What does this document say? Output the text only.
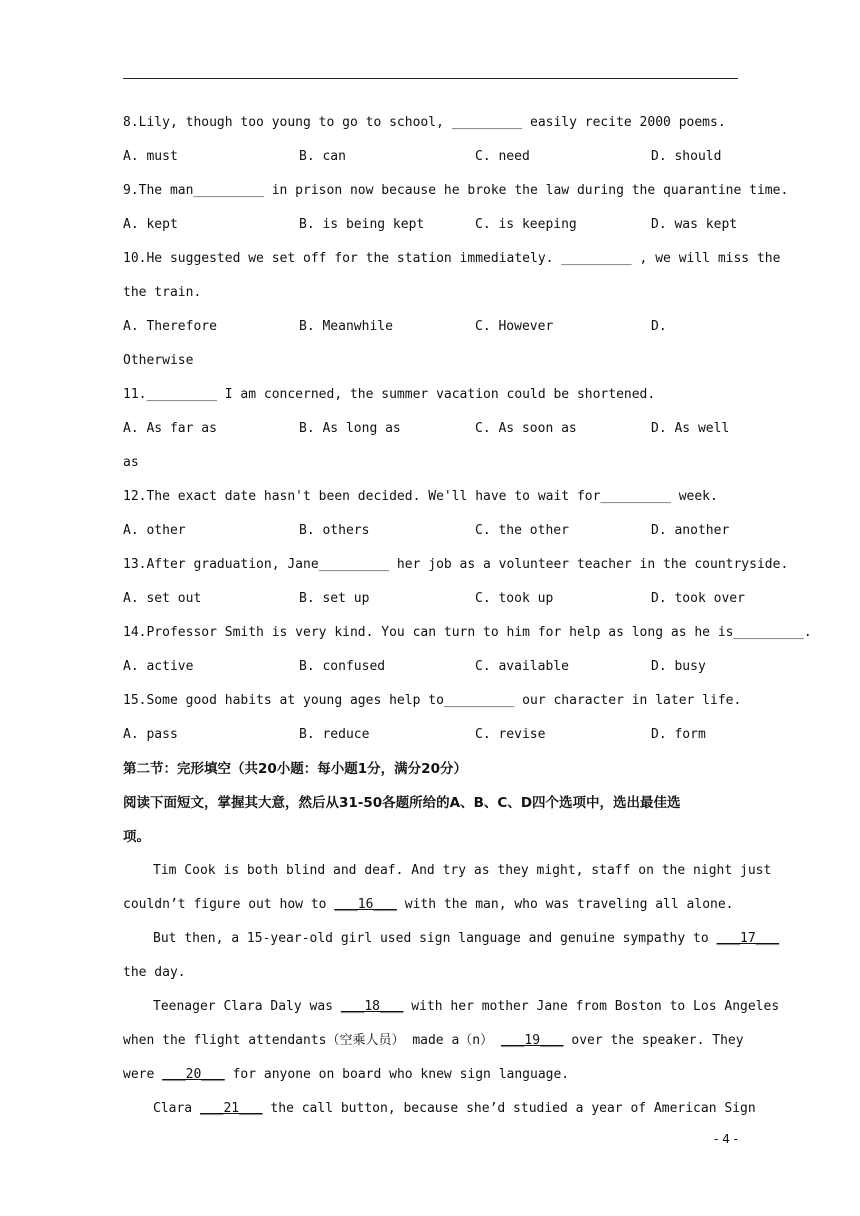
8.Lily, though too young to go to school, _________ easily recite 2000 poems.
A. must	B. can	C. need	D. should
9.The man_________ in prison now because he broke the law during the quarantine time.
A. kept	B. is being kept	C. is keeping	D. was kept
10.He suggested we set off for the station immediately. _________ , we will miss the
the train.
A. Therefore	B. Meanwhile	C. However	D.
Otherwise
11._________ I am concerned, the summer vacation could be shortened.
A. As far as	B. As long as	C. As soon as	D. As well
as
12.The exact date hasn't been decided. We'll have to wait for_________ week.
A. other	B. others	C. the other	D. another
13.After graduation, Jane_________ her job as a volunteer teacher in the countryside.
A. set out	B. set up	C. took up	D. took over
14.Professor Smith is very kind. You can turn to him for help as long as he is_________.
A. active	B. confused	C. available	D. busy
15.Some good habits at young ages help to_________ our character in later life.
A. pass	B. reduce	C. revise	D. form
第二节：完形填空（共20小题：每小题1分，满分20分）
阅读下面短文，掌握其大意，然后从31-50各题所给的A、B、C、D四个选项中，选出最佳选
项。
Tim Cook is both blind and deaf. And try as they might, staff on the night just
couldn’t figure out how to ___16___ with the man, who was traveling all alone.
But then, a 15-year-old girl used sign language and genuine sympathy to ___17___
the day.
Teenager Clara Daly was ___18___ with her mother Jane from Boston to Los Angeles
when the flight attendants（空乘人员） made a（n） ___19___ over the speaker. They
were ___20___ for anyone on board who knew sign language.
Clara ___21___ the call button, because she’d studied a year of American Sign
- 4 -
